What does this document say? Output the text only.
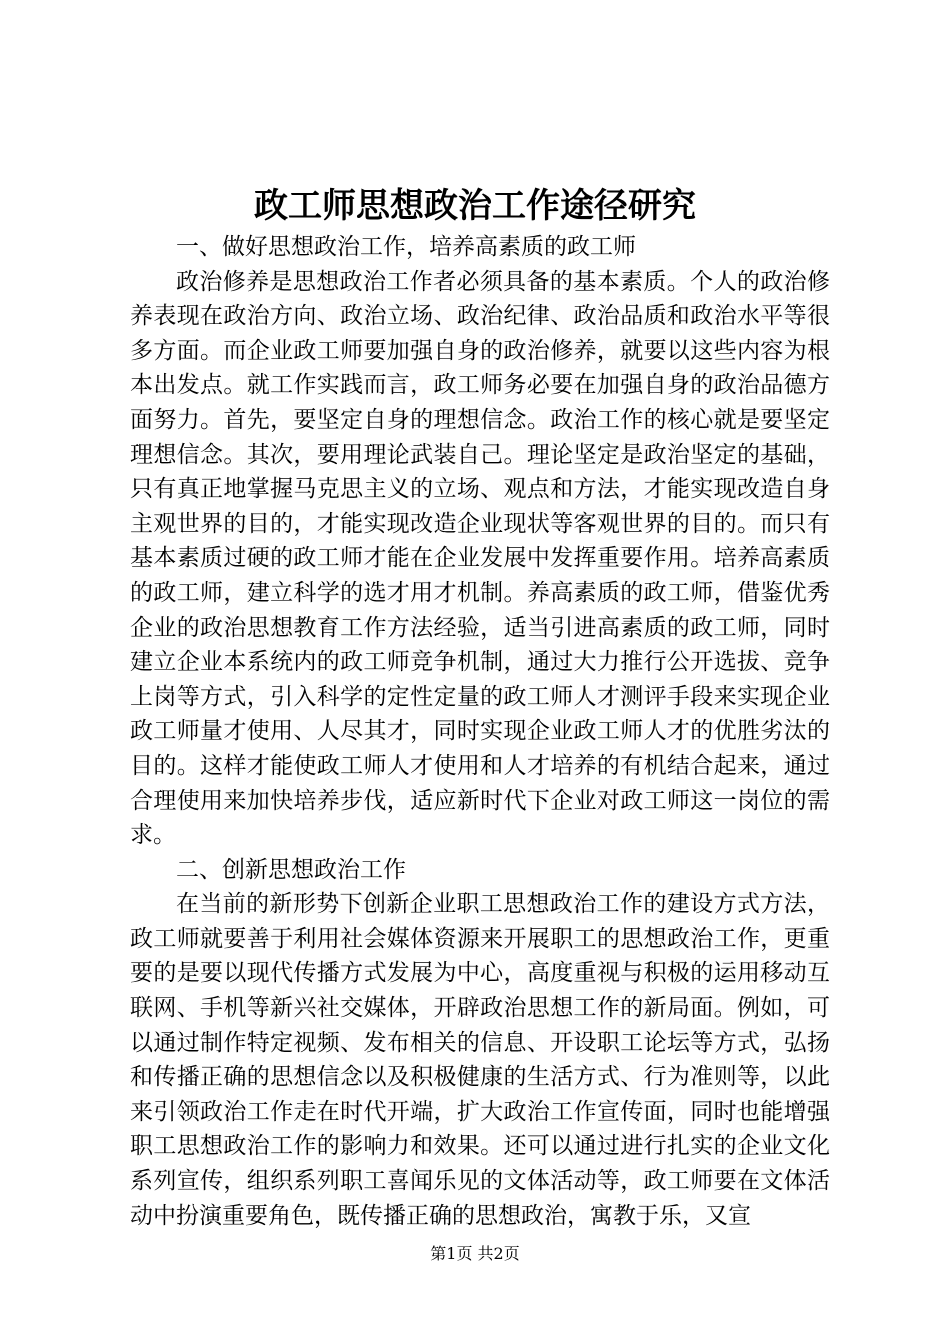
政工师思想政治工作途径研究

一、做好思想政治工作，培养高素质的政工师

政治修养是思想政治工作者必须具备的基本素质。个人的政治修养表现在政治方向、政治立场、政治纪律、政治品质和政治水平等很多方面。而企业政工师要加强自身的政治修养，就要以这些内容为根本出发点。就工作实践而言，政工师务必要在加强自身的政治品德方面努力。首先，要坚定自身的理想信念。政治工作的核心就是要坚定理想信念。其次，要用理论武装自己。理论坚定是政治坚定的基础，只有真正地掌握马克思主义的立场、观点和方法，才能实现改造自身主观世界的目的，才能实现改造企业现状等客观世界的目的。而只有基本素质过硬的政工师才能在企业发展中发挥重要作用。培养高素质的政工师，建立科学的选才用才机制。养高素质的政工师，借鉴优秀企业的政治思想教育工作方法经验，适当引进高素质的政工师，同时建立企业本系统内的政工师竞争机制，通过大力推行公开选拔、竞争上岗等方式，引入科学的定性定量的政工师人才测评手段来实现企业政工师量才使用、人尽其才，同时实现企业政工师人才的优胜劣汰的目的。这样才能使政工师人才使用和人才培养的有机结合起来，通过合理使用来加快培养步伐，适应新时代下企业对政工师这一岗位的需求。

二、创新思想政治工作

在当前的新形势下创新企业职工思想政治工作的建设方式方法，政工师就要善于利用社会媒体资源来开展职工的思想政治工作，更重要的是要以现代传播方式发展为中心，高度重视与积极的运用移动互联网、手机等新兴社交媒体，开辟政治思想工作的新局面。例如，可以通过制作特定视频、发布相关的信息、开设职工论坛等方式，弘扬和传播正确的思想信念以及积极健康的生活方式、行为准则等，以此来引领政治工作走在时代开端，扩大政治工作宣传面，同时也能增强职工思想政治工作的影响力和效果。还可以通过进行扎实的企业文化系列宣传，组织系列职工喜闻乐见的文体活动等，政工师要在文体活动中扮演重要角色，既传播正确的思想政治，寓教于乐，又宣

第1页 共2页
